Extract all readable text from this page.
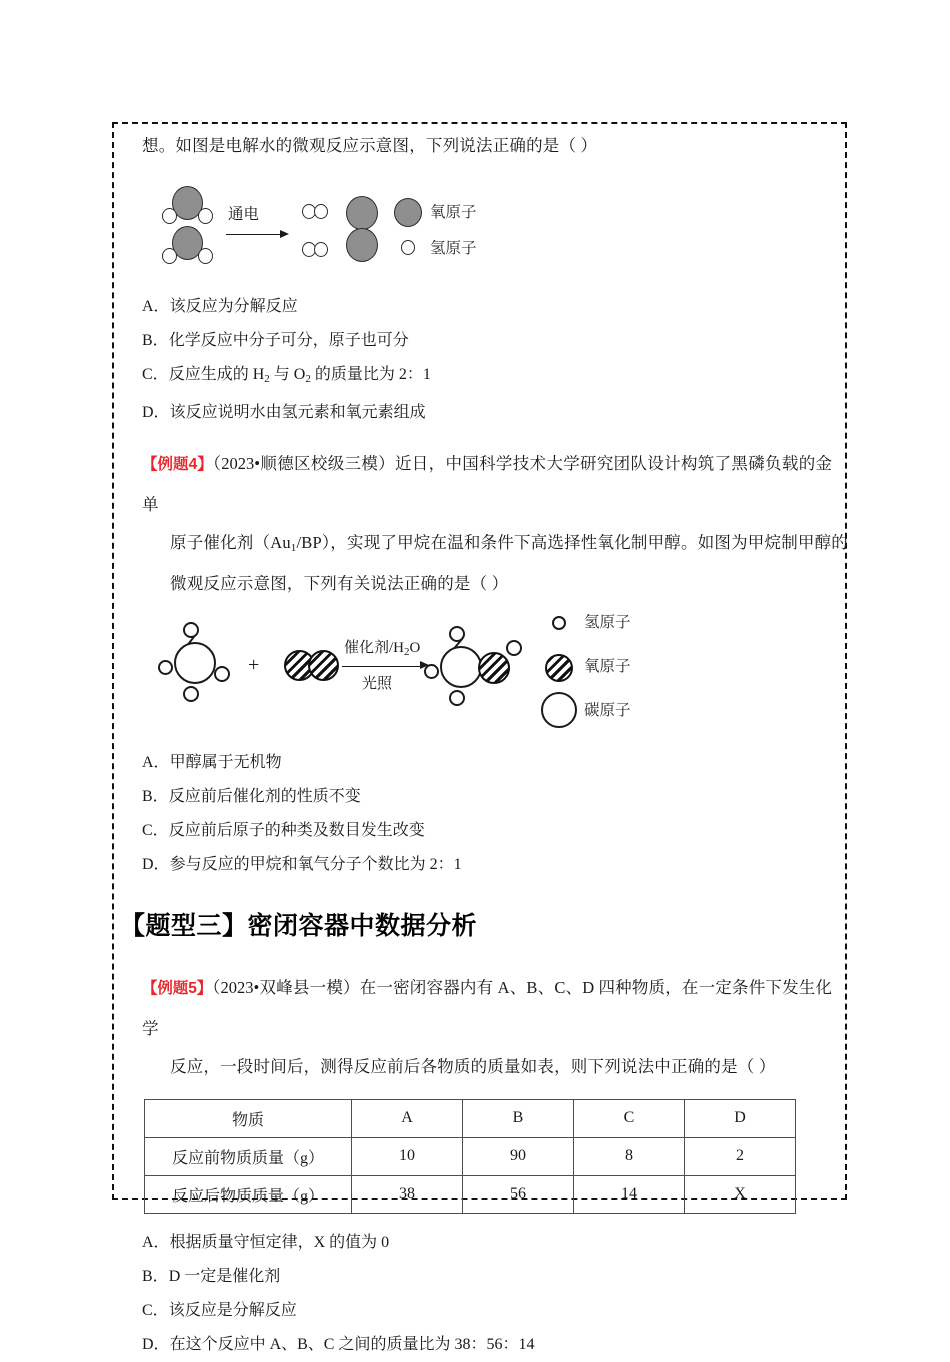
想。如图是电解水的微观反应示意图，下列说法正确的是（ ）
通电	氧原子
氢原子
A．该反应为分解反应
B．化学反应中分子可分，原子也可分
C．反应生成的 $H_2$ 与 $O_2$ 的质量比为 2：1
D．该反应说明水由氢元素和氧元素组成
【例题4】（2023•顺德区校级三模）近日，中国科学技术大学研究团队设计构筑了黑磷负载的金单
原子催化剂$(Au_1/BP)$，实现了甲烷在温和条件下高选择性氧化制甲醇。如图为甲烷制甲醇的
微观反应示意图，下列有关说法正确的是（ ）
+
催化剂$/H_2O$
光照
氢原子
氧原子
碳原子
A．甲醇属于无机物
B．反应前后催化剂的性质不变
C．反应前后原子的种类及数目发生改变
D．参与反应的甲烷和氧气分子个数比为 2：1
【题型三】密闭容器中数据分析
【例题5】（2023•双峰县一模）在一密闭容器内有 A、B、C、D 四种物质，在一定条件下发生化学
反应，一段时间后，测得反应前后各物质的质量如表，则下列说法中正确的是（ ）
物质	A	B	C	D
反应前物质质量（g）	10	90	8	2
反应后物质质量（g）	38	56	14	X
A．根据质量守恒定律，X 的值为 0
B．D 一定是催化剂
C．该反应是分解反应
D．在这个反应中 A、B、C 之间的质量比为 38：56：14
